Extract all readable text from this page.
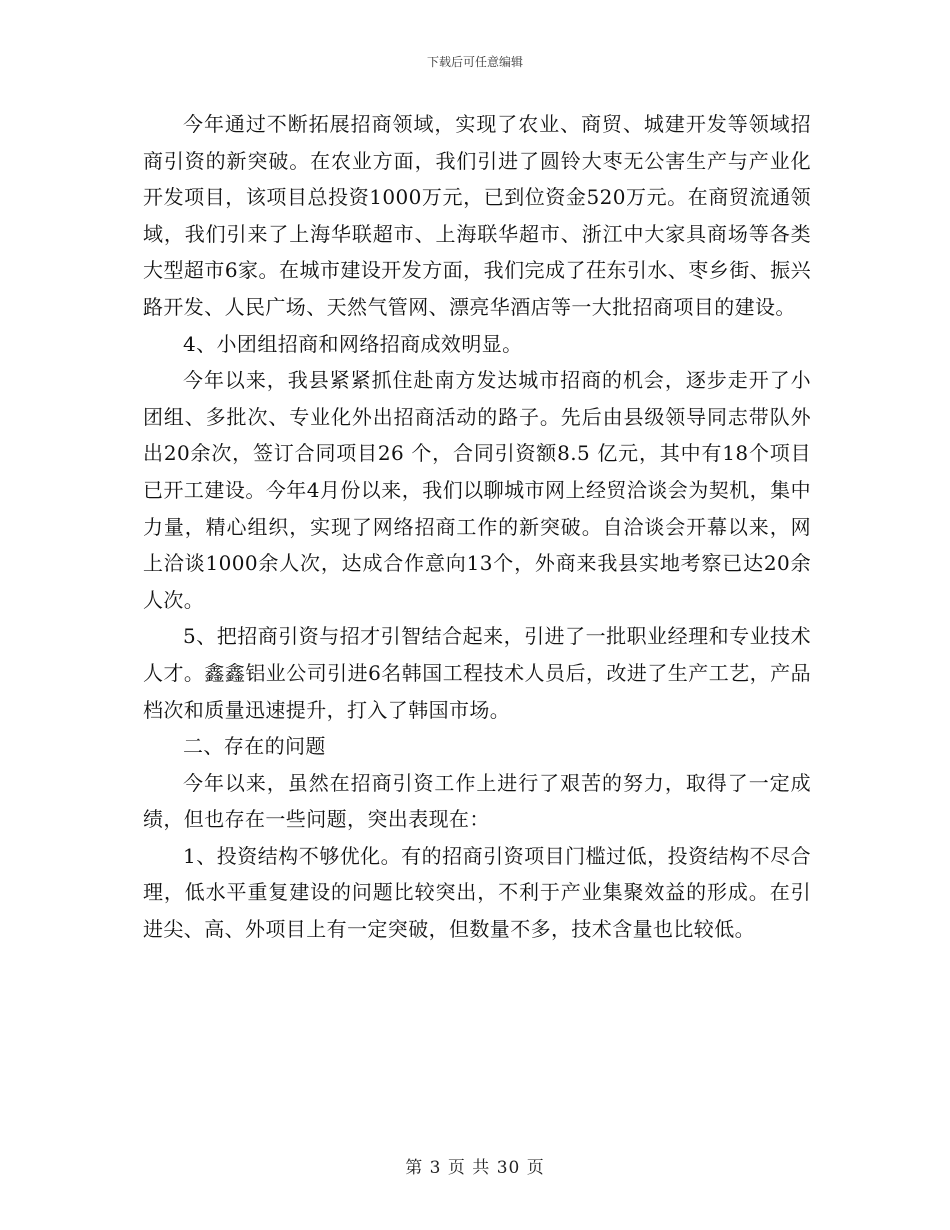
下载后可任意编辑

今年通过不断拓展招商领域，实现了农业、商贸、城建开发等领域招商引资的新突破。在农业方面，我们引进了圆铃大枣无公害生产与产业化开发项目，该项目总投资1000万元，已到位资金520万元。在商贸流通领域，我们引来了上海华联超市、上海联华超市、浙江中大家具商场等各类大型超市6家。在城市建设开发方面，我们完成了茌东引水、枣乡街、振兴路开发、人民广场、天然气管网、漂亮华酒店等一大批招商项目的建设。

4、小团组招商和网络招商成效明显。

今年以来，我县紧紧抓住赴南方发达城市招商的机会，逐步走开了小团组、多批次、专业化外出招商活动的路子。先后由县级领导同志带队外出20余次，签订合同项目26 个，合同引资额8.5 亿元，其中有18个项目已开工建设。今年4月份以来，我们以聊城市网上经贸洽谈会为契机，集中力量，精心组织，实现了网络招商工作的新突破。自洽谈会开幕以来，网上洽谈1000余人次，达成合作意向13个，外商来我县实地考察已达20余人次。

5、把招商引资与招才引智结合起来，引进了一批职业经理和专业技术人才。鑫鑫铝业公司引进6名韩国工程技术人员后，改进了生产工艺，产品档次和质量迅速提升，打入了韩国市场。

二、存在的问题

今年以来，虽然在招商引资工作上进行了艰苦的努力，取得了一定成绩，但也存在一些问题，突出表现在：

1、投资结构不够优化。有的招商引资项目门槛过低，投资结构不尽合理，低水平重复建设的问题比较突出，不利于产业集聚效益的形成。在引进尖、高、外项目上有一定突破，但数量不多，技术含量也比较低。

第 3 页 共 30 页
